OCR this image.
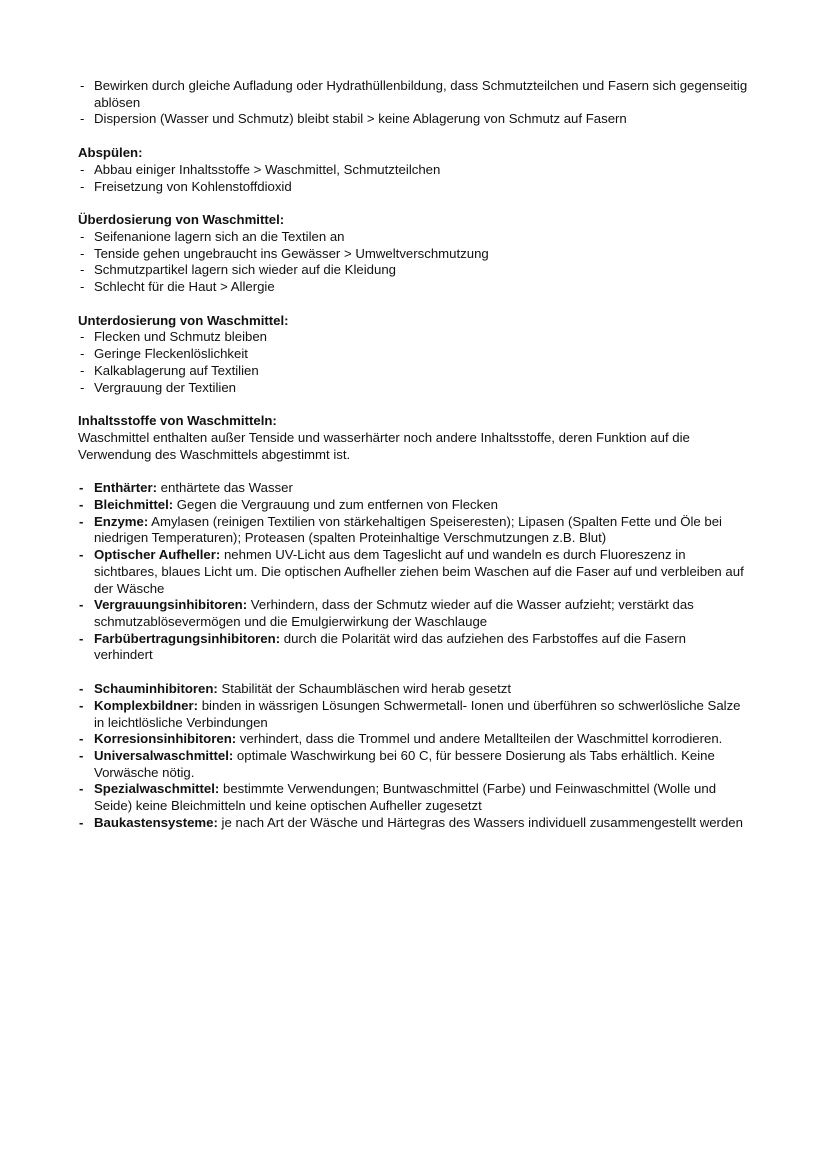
- Bewirken durch gleiche Aufladung oder Hydrathüllenbildung, dass Schmutzteilchen und Fasern sich gegenseitig ablösen
- Dispersion (Wasser und Schmutz) bleibt stabil > keine Ablagerung von Schmutz auf Fasern
Abspülen:
- Abbau einiger Inhaltsstoffe > Waschmittel, Schmutzteilchen
- Freisetzung von Kohlenstoffdioxid
Überdosierung von Waschmittel:
- Seifenanione lagern sich an die Textilen an
- Tenside gehen ungebraucht ins Gewässer > Umweltverschmutzung
- Schmutzpartikel lagern sich wieder auf die Kleidung
- Schlecht für die Haut > Allergie
Unterdosierung von Waschmittel:
- Flecken und Schmutz bleiben
- Geringe Fleckenlöslichkeit
- Kalkablagerung auf Textilien
- Vergrauung der Textilien
Inhaltsstoffe von Waschmitteln:

Waschmittel enthalten außer Tenside und wasserhärter noch andere Inhaltsstoffe, deren Funktion auf die Verwendung des Waschmittels abgestimmt ist.

- Enthärter: enthärtete das Wasser
- Bleichmittel: Gegen die Vergrauung und zum entfernen von Flecken
- Enzyme: Amylasen (reinigen Textilien von stärkehaltigen Speiseresten); Lipasen (Spalten Fette und Öle bei niedrigen Temperaturen); Proteasen (spalten Proteinhaltige Verschmutzungen z.B. Blut)
- Optischer Aufheller: nehmen UV-Licht aus dem Tageslicht auf und wandeln es durch Fluoreszenz in sichtbares, blaues Licht um. Die optischen Aufheller ziehen beim Waschen auf die Faser auf und verbleiben auf der Wäsche
- Vergrauungsinhibitoren: Verhindern, dass der Schmutz wieder auf die Wasser aufzieht; verstärkt das schmutzablösevermögen und die Emulgierwirkung der Waschlauge
- Farbübertragungsinhibitoren: durch die Polarität wird das aufziehen des Farbstoffes auf die Fasern verhindert
- Schauminhibitoren: Stabilität der Schaumbläschen wird herab gesetzt
- Komplexbildner: binden in wässrigen Lösungen Schwermetall- Ionen und überführen so schwerlösliche Salze in leichtlösliche Verbindungen
- Korresionsinhibitoren: verhindert, dass die Trommel und andere Metallteilen der Waschmittel korrodieren.
- Universalwaschmittel: optimale Waschwirkung bei 60 C, für bessere Dosierung als Tabs erhältlich. Keine Vorwäsche nötig.
- Spezialwaschmittel: bestimmte Verwendungen; Buntwaschmittel (Farbe) und Feinwaschmittel (Wolle und Seide) keine Bleichmitteln und keine optischen Aufheller zugesetzt
- Baukastensysteme: je nach Art der Wäsche und Härtegras des Wassers individuell zusammengestellt werden
